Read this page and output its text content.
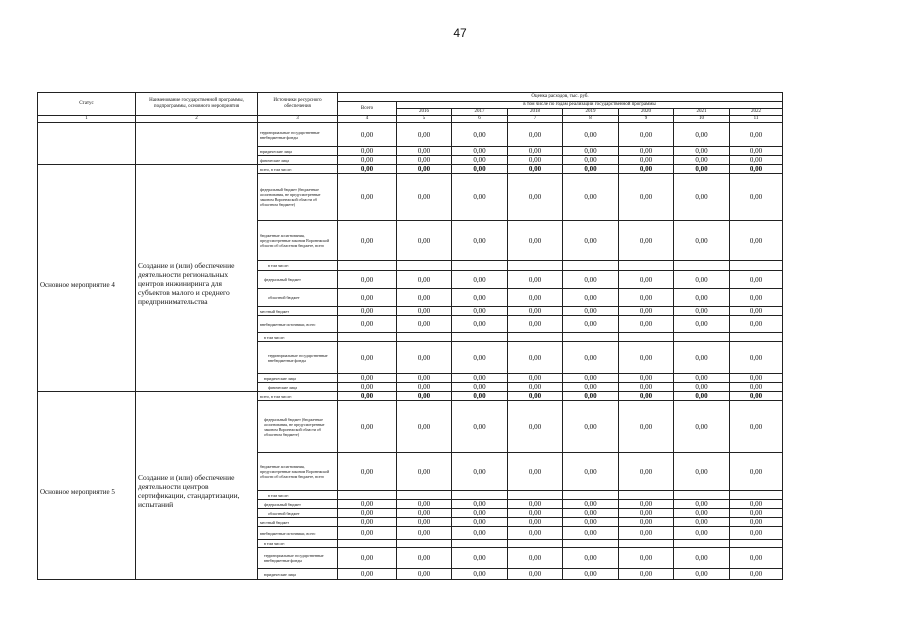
47
Статус	Наименование государственной программы, подпрограммы, основного мероприятия	Источники ресурсного обеспечения	Оценка расходов, тыс. руб.							
			Всего	в том числе по годам реализации государственной программы						
				2016	2017	2018	2019	2020	2021	2022
1	2	3	4	5	6	7	8	9	10	11
		территориальные государственные внебюджетные фонды	0,00	0,00	0,00	0,00	0,00	0,00	0,00	0,00
		юридические лица	0,00	0,00	0,00	0,00	0,00	0,00	0,00	0,00
		физические лица	0,00	0,00	0,00	0,00	0,00	0,00	0,00	0,00
Основное мероприятие 4	Создание и (или) обеспечение деятельности региональных центров инжиниринга для субъектов малого и среднего предпринимательства	всего, в том числе:	0,00	0,00	0,00	0,00	0,00	0,00	0,00	0,00
		федеральный бюджет (бюджетные ассигнования, не предусмотренные законом Воронежской области об областном бюджете)	0,00	0,00	0,00	0,00	0,00	0,00	0,00	0,00
		бюджетные ассигнования, предусмотренные законом Воронежской области об областном бюджете, всего	0,00	0,00	0,00	0,00	0,00	0,00	0,00	0,00
		в том числе:								
		федеральный бюджет	0,00	0,00	0,00	0,00	0,00	0,00	0,00	0,00
		областной бюджет	0,00	0,00	0,00	0,00	0,00	0,00	0,00	0,00
		местный бюджет	0,00	0,00	0,00	0,00	0,00	0,00	0,00	0,00
		внебюджетные источники, всего	0,00	0,00	0,00	0,00	0,00	0,00	0,00	0,00
		в том числе:								
		территориальные государственные внебюджетные фонды	0,00	0,00	0,00	0,00	0,00	0,00	0,00	0,00
		юридические лица	0,00	0,00	0,00	0,00	0,00	0,00	0,00	0,00
		физические лица	0,00	0,00	0,00	0,00	0,00	0,00	0,00	0,00
Основное мероприятие 5	Создание и (или) обеспечение деятельности центров сертификации, стандартизации, испытаний	всего, в том числе:	0,00	0,00	0,00	0,00	0,00	0,00	0,00	0,00
		федеральный бюджет (бюджетные ассигнования, не предусмотренные законом Воронежской области об областном бюджете)	0,00	0,00	0,00	0,00	0,00	0,00	0,00	0,00
		бюджетные ассигнования, предусмотренные законом Воронежской области об областном бюджете, всего	0,00	0,00	0,00	0,00	0,00	0,00	0,00	0,00
		в том числе:								
		федеральный бюджет	0,00	0,00	0,00	0,00	0,00	0,00	0,00	0,00
		областной бюджет	0,00	0,00	0,00	0,00	0,00	0,00	0,00	0,00
		местный бюджет	0,00	0,00	0,00	0,00	0,00	0,00	0,00	0,00
		внебюджетные источники, всего	0,00	0,00	0,00	0,00	0,00	0,00	0,00	0,00
		в том числе:								
		территориальные государственные внебюджетные фонды	0,00	0,00	0,00	0,00	0,00	0,00	0,00	0,00
		юридические лица	0,00	0,00	0,00	0,00	0,00	0,00	0,00	0,00
